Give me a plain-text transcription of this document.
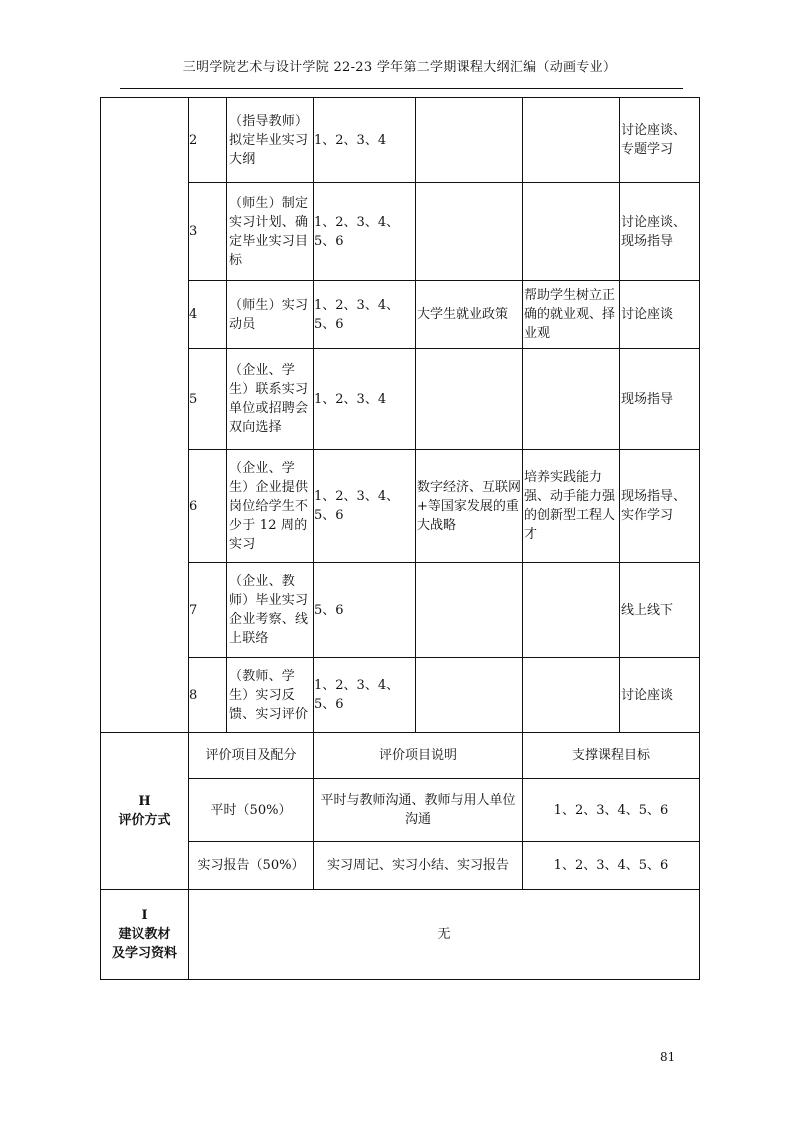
三明学院艺术与设计学院 22-23 学年第二学期课程大纲汇编（动画专业）
	2	（指导教师）拟定毕业实习大纲	1、2、3、4			讨论座谈、专题学习
	3	（师生）制定实习计划、确定毕业实习目标	1、2、3、4、5、6			讨论座谈、现场指导
	4	（师生）实习动员	1、2、3、4、5、6	大学生就业政策	帮助学生树立正确的就业观、择业观	讨论座谈
	5	（企业、学生）联系实习单位或招聘会双向选择	1、2、3、4			现场指导
	6	（企业、学生）企业提供岗位给学生不少于 12 周的实习	1、2、3、4、5、6	数字经济、互联网+等国家发展的重大战略	培养实践能力强、动手能力强的创新型工程人才	现场指导、实作学习
	7	（企业、教师）毕业实习企业考察、线上联络	5、6			线上线下
	8	（教师、学生）实习反馈、实习评价	1、2、3、4、5、6			讨论座谈

H
评价方式	评价项目及配分		评价项目说明		支撑课程目标	
	平时（50%）		平时与教师沟通、教师与用人单位沟通		1、2、3、4、5、6	
	实习报告（50%）		实习周记、实习小结、实习报告		1、2、3、4、5、6	

I
建议教材
及学习资料	无					
81
